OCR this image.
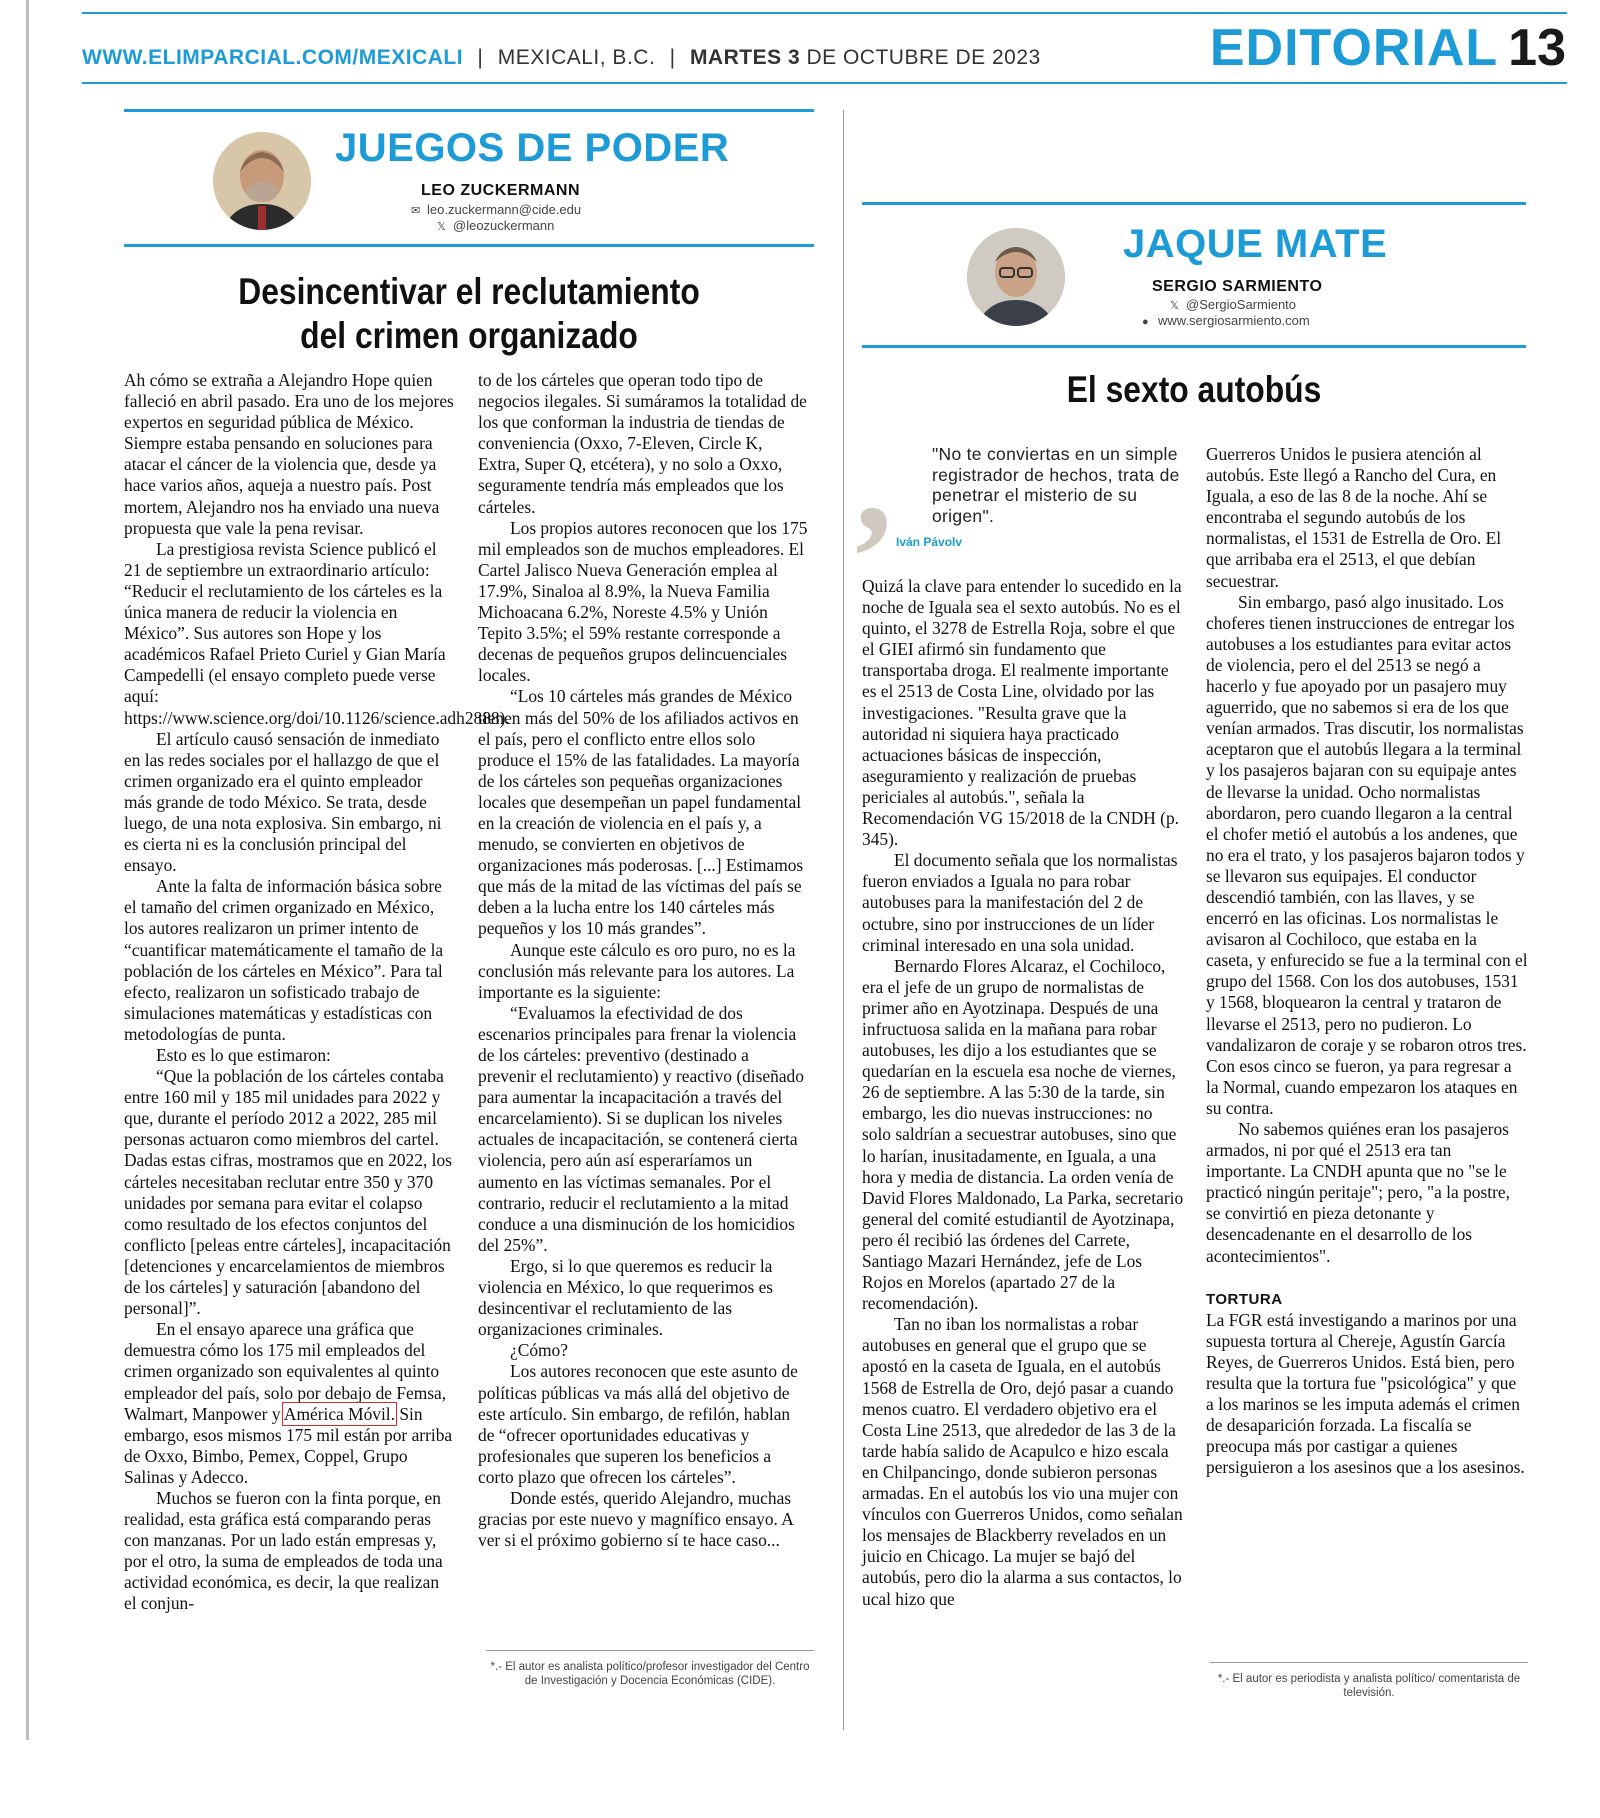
WWW.ELIMPARCIAL.COM/MEXICALI | MEXICALI, B.C. | MARTES 3 DE OCTUBRE DE 2023	EDITORIAL 13
JUEGOS DE PODER
LEO ZUCKERMANN
✉ leo.zuckermann@cide.edu
𝕏 @leozuckermann
Desincentivar el reclutamiento
del crimen organizado

Ah cómo se extraña a Alejandro Hope quien falleció en abril pasado. Era uno de los mejores expertos en seguridad pública de México. Siempre estaba pensando en soluciones para atacar el cáncer de la violencia que, desde ya hace varios años, aqueja a nuestro país. Post mortem, Alejandro nos ha enviado una nueva propuesta que vale la pena revisar.

La prestigiosa revista Science publicó el 21 de septiembre un extraordinario artículo: “Reducir el reclutamiento de los cárteles es la única manera de reducir la violencia en México”. Sus autores son Hope y los académicos Rafael Prieto Curiel y Gian María Campedelli (el ensayo completo puede verse aquí: https://www.science.org/doi/10.1126/science.adh2888).

El artículo causó sensación de inmediato en las redes sociales por el hallazgo de que el crimen organizado era el quinto empleador más grande de todo México. Se trata, desde luego, de una nota explosiva. Sin embargo, ni es cierta ni es la conclusión principal del ensayo.

Ante la falta de información básica sobre el tamaño del crimen organizado en México, los autores realizaron un primer intento de “cuantificar matemáticamente el tamaño de la población de los cárteles en México”. Para tal efecto, realizaron un sofisticado trabajo de simulaciones matemáticas y estadísticas con metodologías de punta.

Esto es lo que estimaron:

“Que la población de los cárteles contaba entre 160 mil y 185 mil unidades para 2022 y que, durante el período 2012 a 2022, 285 mil personas actuaron como miembros del cartel. Dadas estas cifras, mostramos que en 2022, los cárteles necesitaban reclutar entre 350 y 370 unidades por semana para evitar el colapso como resultado de los efectos conjuntos del conflicto [peleas entre cárteles], incapacitación [detenciones y encarcelamientos de miembros de los cárteles] y saturación [abandono del personal]”.

En el ensayo aparece una gráfica que demuestra cómo los 175 mil empleados del crimen organizado son equivalentes al quinto empleador del país, solo por debajo de Femsa, Walmart, Manpower y América Móvil. Sin embargo, esos mismos 175 mil están por arriba de Oxxo, Bimbo, Pemex, Coppel, Grupo Salinas y Adecco.

Muchos se fueron con la finta porque, en realidad, esta gráfica está comparando peras con manzanas. Por un lado están empresas y, por el otro, la suma de empleados de toda una actividad económica, es decir, la que realizan el conjun-

to de los cárteles que operan todo tipo de negocios ilegales. Si sumáramos la totalidad de los que conforman la industria de tiendas de conveniencia (Oxxo, 7-Eleven, Circle K, Extra, Super Q, etcétera), y no solo a Oxxo, seguramente tendría más empleados que los cárteles.

Los propios autores reconocen que los 175 mil empleados son de muchos empleadores. El Cartel Jalisco Nueva Generación emplea al 17.9%, Sinaloa al 8.9%, la Nueva Familia Michoacana 6.2%, Noreste 4.5% y Unión Tepito 3.5%; el 59% restante corresponde a decenas de pequeños grupos delincuenciales locales.

“Los 10 cárteles más grandes de México tienen más del 50% de los afiliados activos en el país, pero el conflicto entre ellos solo produce el 15% de las fatalidades. La mayoría de los cárteles son pequeñas organizaciones locales que desempeñan un papel fundamental en la creación de violencia en el país y, a menudo, se convierten en objetivos de organizaciones más poderosas. [...] Estimamos que más de la mitad de las víctimas del país se deben a la lucha entre los 140 cárteles más pequeños y los 10 más grandes”.

Aunque este cálculo es oro puro, no es la conclusión más relevante para los autores. La importante es la siguiente:

“Evaluamos la efectividad de dos escenarios principales para frenar la violencia de los cárteles: preventivo (destinado a prevenir el reclutamiento) y reactivo (diseñado para aumentar la incapacitación a través del encarcelamiento). Si se duplican los niveles actuales de incapacitación, se contenerá cierta violencia, pero aún así esperaríamos un aumento en las víctimas semanales. Por el contrario, reducir el reclutamiento a la mitad conduce a una disminución de los homicidios del 25%”.

Ergo, si lo que queremos es reducir la violencia en México, lo que requerimos es desincentivar el reclutamiento de las organizaciones criminales.

¿Cómo?

Los autores reconocen que este asunto de políticas públicas va más allá del objetivo de este artículo. Sin embargo, de refilón, hablan de “ofrecer oportunidades educativas y profesionales que superen los beneficios a corto plazo que ofrecen los cárteles”.

Donde estés, querido Alejandro, muchas gracias por este nuevo y magnífico ensayo. A ver si el próximo gobierno sí te hace caso...

*.- El autor es analista político/profesor investigador del Centro de Investigación y Docencia Económicas (CIDE).
JAQUE MATE
SERGIO SARMIENTO
𝕏 @SergioSarmiento
● www.sergiosarmiento.com
El sexto autobús
, "No te conviertas en un simple registrador de hechos, trata de penetrar el misterio de su origen".
Iván Pávolv

Quizá la clave para entender lo sucedido en la noche de Iguala sea el sexto autobús. No es el quinto, el 3278 de Estrella Roja, sobre el que el GIEI afirmó sin fundamento que transportaba droga. El realmente importante es el 2513 de Costa Line, olvidado por las investigaciones. "Resulta grave que la autoridad ni siquiera haya practicado actuaciones básicas de inspección, aseguramiento y realización de pruebas periciales al autobús.", señala la Recomendación VG 15/2018 de la CNDH (p. 345).

El documento señala que los normalistas fueron enviados a Iguala no para robar autobuses para la manifestación del 2 de octubre, sino por instrucciones de un líder criminal interesado en una sola unidad.

Bernardo Flores Alcaraz, el Cochiloco, era el jefe de un grupo de normalistas de primer año en Ayotzinapa. Después de una infructuosa salida en la mañana para robar autobuses, les dijo a los estudiantes que se quedarían en la escuela esa noche de viernes, 26 de septiembre. A las 5:30 de la tarde, sin embargo, les dio nuevas instrucciones: no solo saldrían a secuestrar autobuses, sino que lo harían, inusitadamente, en Iguala, a una hora y media de distancia. La orden venía de David Flores Maldonado, La Parka, secretario general del comité estudiantil de Ayotzinapa, pero él recibió las órdenes del Carrete, Santiago Mazari Hernández, jefe de Los Rojos en Morelos (apartado 27 de la recomendación).

Tan no iban los normalistas a robar autobuses en general que el grupo que se apostó en la caseta de Iguala, en el autobús 1568 de Estrella de Oro, dejó pasar a cuando menos cuatro. El verdadero objetivo era el Costa Line 2513, que alrededor de las 3 de la tarde había salido de Acapulco e hizo escala en Chilpancingo, donde subieron personas armadas. En el autobús los vio una mujer con vínculos con Guerreros Unidos, como señalan los mensajes de Blackberry revelados en un juicio en Chicago. La mujer se bajó del autobús, pero dio la alarma a sus contactos, lo ucal hizo que

Guerreros Unidos le pusiera atención al autobús. Este llegó a Rancho del Cura, en Iguala, a eso de las 8 de la noche. Ahí se encontraba el segundo autobús de los normalistas, el 1531 de Estrella de Oro. El que arribaba era el 2513, el que debían secuestrar.

Sin embargo, pasó algo inusitado. Los choferes tienen instrucciones de entregar los autobuses a los estudiantes para evitar actos de violencia, pero el del 2513 se negó a hacerlo y fue apoyado por un pasajero muy aguerrido, que no sabemos si era de los que venían armados. Tras discutir, los normalistas aceptaron que el autobús llegara a la terminal y los pasajeros bajaran con su equipaje antes de llevarse la unidad. Ocho normalistas abordaron, pero cuando llegaron a la central el chofer metió el autobús a los andenes, que no era el trato, y los pasajeros bajaron todos y se llevaron sus equipajes. El conductor descendió también, con las llaves, y se encerró en las oficinas. Los normalistas le avisaron al Cochiloco, que estaba en la caseta, y enfurecido se fue a la terminal con el grupo del 1568. Con los dos autobuses, 1531 y 1568, bloquearon la central y trataron de llevarse el 2513, pero no pudieron. Lo vandalizaron de coraje y se robaron otros tres. Con esos cinco se fueron, ya para regresar a la Normal, cuando empezaron los ataques en su contra.

No sabemos quiénes eran los pasajeros armados, ni por qué el 2513 era tan importante. La CNDH apunta que no "se le practicó ningún peritaje"; pero, "a la postre, se convirtió en pieza detonante y desencadenante en el desarrollo de los acontecimientos".

TORTURA

La FGR está investigando a marinos por una supuesta tortura al Chereje, Agustín García Reyes, de Guerreros Unidos. Está bien, pero resulta que la tortura fue "psicológica" y que a los marinos se les imputa además el crimen de desaparición forzada. La fiscalía se preocupa más por castigar a quienes persiguieron a los asesinos que a los asesinos.

*.- El autor es periodista y analista político/ comentarista de televisión.
